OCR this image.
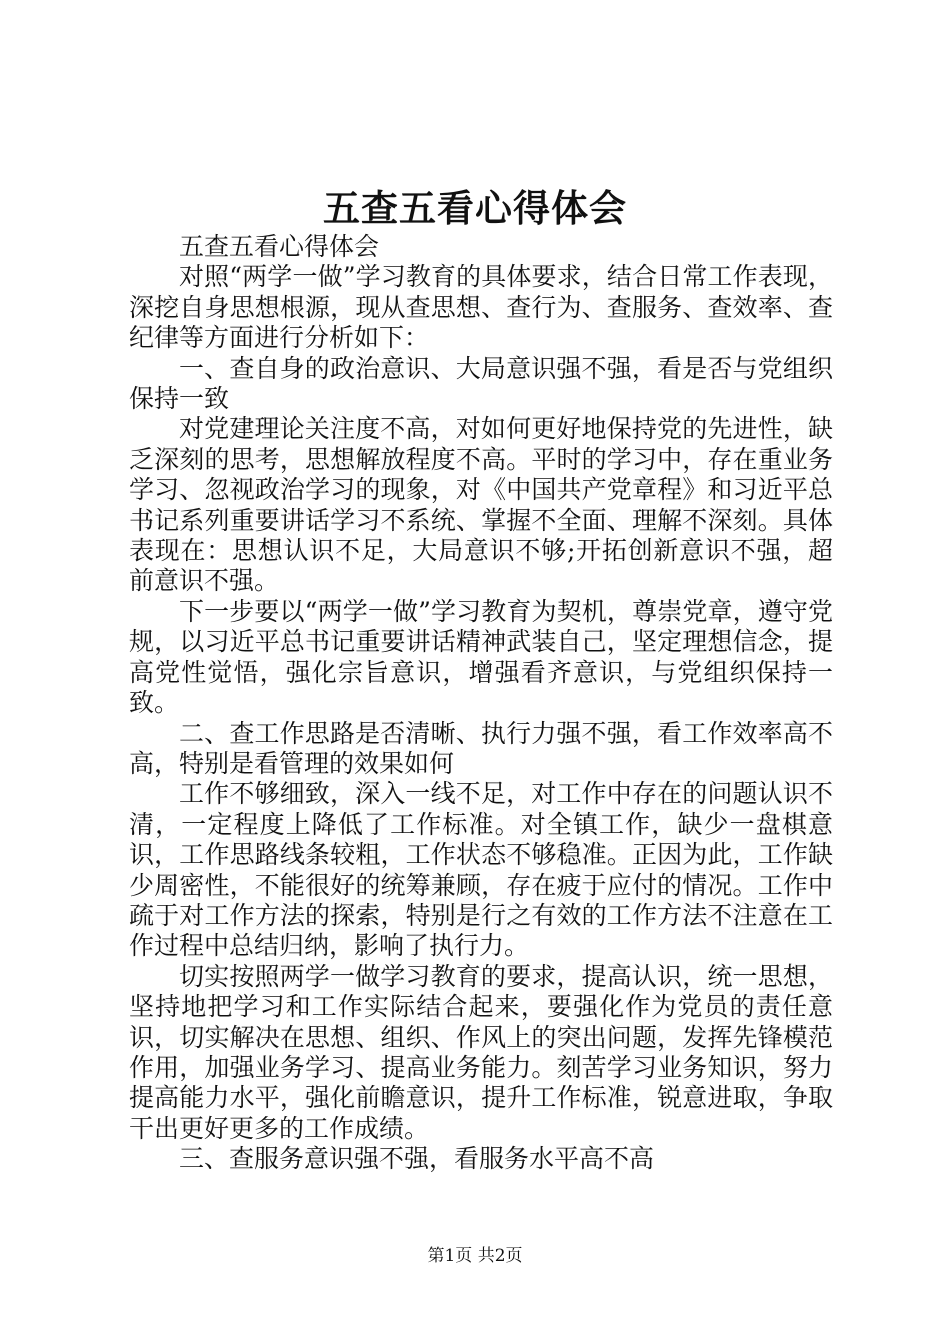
五查五看心得体会

五查五看心得体会

对照“两学一做”学习教育的具体要求，结合日常工作表现，深挖自身思想根源，现从查思想、查行为、查服务、查效率、查纪律等方面进行分析如下：

一、查自身的政治意识、大局意识强不强，看是否与党组织保持一致

对党建理论关注度不高，对如何更好地保持党的先进性，缺乏深刻的思考，思想解放程度不高。平时的学习中，存在重业务学习、忽视政治学习的现象，对《中国共产党章程》和习近平总书记系列重要讲话学习不系统、掌握不全面、理解不深刻。具体表现在：思想认识不足，大局意识不够;开拓创新意识不强，超前意识不强。

下一步要以“两学一做”学习教育为契机，尊崇党章，遵守党规，以习近平总书记重要讲话精神武装自己，坚定理想信念，提高党性觉悟，强化宗旨意识，增强看齐意识，与党组织保持一致。

二、查工作思路是否清晰、执行力强不强，看工作效率高不高，特别是看管理的效果如何

工作不够细致，深入一线不足，对工作中存在的问题认识不清，一定程度上降低了工作标准。对全镇工作，缺少一盘棋意识，工作思路线条较粗，工作状态不够稳准。正因为此，工作缺少周密性，不能很好的统筹兼顾，存在疲于应付的情况。工作中疏于对工作方法的探索，特别是行之有效的工作方法不注意在工作过程中总结归纳，影响了执行力。

切实按照两学一做学习教育的要求，提高认识，统一思想，坚持地把学习和工作实际结合起来，要强化作为党员的责任意识，切实解决在思想、组织、作风上的突出问题，发挥先锋模范作用，加强业务学习、提高业务能力。刻苦学习业务知识，努力提高能力水平，强化前瞻意识，提升工作标准，锐意进取，争取干出更好更多的工作成绩。

三、查服务意识强不强，看服务水平高不高

第1页 共2页
